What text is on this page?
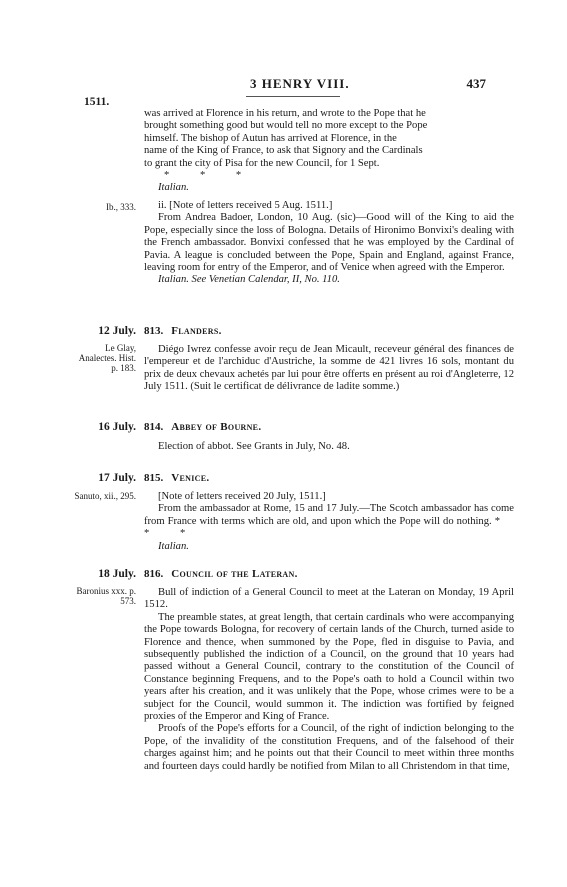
3 HENRY VIII.	437
1511.

was arrived at Florence in his return, and wrote to the Pope that he

brought something good but would tell no more except to the Pope

himself. The bishop of Autun has arrived at Florence, in the

name of the King of France, to ask that Signory and the Cardinals

to grant the city of Pisa for the new Council, for 1 Sept.

* * *

Italian.

Ib., 333.	ii. [Note of letters received 5 Aug. 1511.]

From Andrea Badoer, London, 10 Aug. (sic)—Good will of the King to aid the Pope, especially since the loss of Bologna. Details of Hironimo Bonvixi's dealing with the French ambassador. Bonvixi confessed that he was employed by the Cardinal of Pavia. A league is concluded between the Pope, Spain and England, against France, leaving room for entry of the Emperor, and of Venice when agreed with the Emperor.

Italian. See Venetian Calendar, II, No. 110.

12 July.
Le Glay, Analectes. Hist. p. 183.
813. Flanders.

Diégo Iwrez confesse avoir reçu de Jean Micault, receveur général des finances de l'empereur et de l'archiduc d'Austriche, la somme de 421 livres 16 sols, montant du prix de deux chevaux achetés par lui pour être offerts en présent au roi d'Angleterre, 12 July 1511. (Suit le certificat de délivrance de ladite somme.)

16 July. 814. Abbey of Bourne.

Election of abbot. See Grants in July, No. 48.

17 July.
Sanuto, xii., 295.
815. Venice.

[Note of letters received 20 July, 1511.]

From the ambassador at Rome, 15 and 17 July.—The Scotch ambassador has come from France with terms which are old, and upon which the Pope will do nothing. * * *

Italian.

18 July.
Baronius xxx. p. 573.
816. Council of the Lateran.

Bull of indiction of a General Council to meet at the Lateran on Monday, 19 April 1512.

The preamble states, at great length, that certain cardinals who were accompanying the Pope towards Bologna, for recovery of certain lands of the Church, turned aside to Florence and thence, when summoned by the Pope, fled in disguise to Pavia, and subsequently published the indiction of a Council, on the ground that 10 years had passed without a General Council, contrary to the constitution of the Council of Constance beginning Frequens, and to the Pope's oath to hold a Council within two years after his creation, and it was unlikely that the Pope, whose crimes were to be a subject for the Council, would summon it. The indiction was fortified by feigned proxies of the Emperor and King of France.

Proofs of the Pope's efforts for a Council, of the right of indiction belonging to the Pope, of the invalidity of the constitution Frequens, and of the falsehood of their charges against him; and he points out that their Council to meet within three months and fourteen days could hardly be notified from Milan to all Christendom in that time,
